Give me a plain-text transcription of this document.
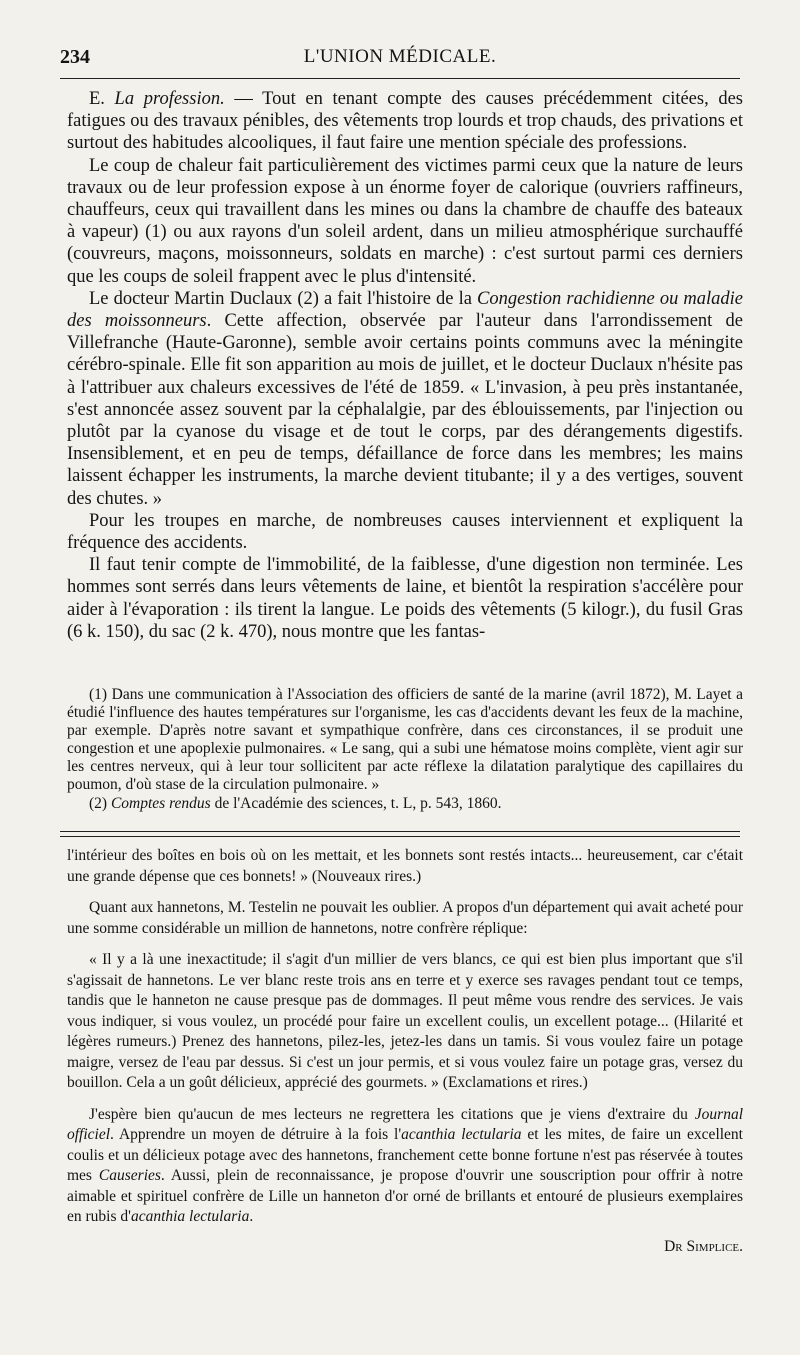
234	L'UNION MÉDICALE.

E. La profession. — Tout en tenant compte des causes précédemment citées, des fatigues ou des travaux pénibles, des vêtements trop lourds et trop chauds, des privations et surtout des habitudes alcooliques, il faut faire une mention spéciale des professions.

Le coup de chaleur fait particulièrement des victimes parmi ceux que la nature de leurs travaux ou de leur profession expose à un énorme foyer de calorique (ouvriers raffineurs, chauffeurs, ceux qui travaillent dans les mines ou dans la chambre de chauffe des bateaux à vapeur) (1) ou aux rayons d'un soleil ardent, dans un milieu atmosphérique surchauffé (couvreurs, maçons, moissonneurs, soldats en marche) : c'est surtout parmi ces derniers que les coups de soleil frappent avec le plus d'intensité.

Le docteur Martin Duclaux (2) a fait l'histoire de la Congestion rachidienne ou maladie des moissonneurs. Cette affection, observée par l'auteur dans l'arrondissement de Villefranche (Haute-Garonne), semble avoir certains points communs avec la méningite cérébro-spinale. Elle fit son apparition au mois de juillet, et le docteur Duclaux n'hésite pas à l'attribuer aux chaleurs excessives de l'été de 1859. « L'invasion, à peu près instantanée, s'est annoncée assez souvent par la céphalalgie, par des éblouissements, par l'injection ou plutôt par la cyanose du visage et de tout le corps, par des dérangements digestifs. Insensiblement, et en peu de temps, défaillance de force dans les membres; les mains laissent échapper les instruments, la marche devient titubante; il y a des vertiges, souvent des chutes. »

Pour les troupes en marche, de nombreuses causes interviennent et expliquent la fréquence des accidents.

Il faut tenir compte de l'immobilité, de la faiblesse, d'une digestion non terminée. Les hommes sont serrés dans leurs vêtements de laine, et bientôt la respiration s'accélère pour aider à l'évaporation : ils tirent la langue. Le poids des vêtements (5 kilogr.), du fusil Gras (6 k. 150), du sac (2 k. 470), nous montre que les fantas-

(1) Dans une communication à l'Association des officiers de santé de la marine (avril 1872), M. Layet a étudié l'influence des hautes températures sur l'organisme, les cas d'accidents devant les feux de la machine, par exemple. D'après notre savant et sympathique confrère, dans ces circonstances, il se produit une congestion et une apoplexie pulmonaires. « Le sang, qui a subi une hématose moins complète, vient agir sur les centres nerveux, qui à leur tour sollicitent par acte réflexe la dilatation paralytique des capillaires du poumon, d'où stase de la circulation pulmonaire. »

(2) Comptes rendus de l'Académie des sciences, t. L, p. 543, 1860.

l'intérieur des boîtes en bois où on les mettait, et les bonnets sont restés intacts... heureusement, car c'était une grande dépense que ces bonnets! » (Nouveaux rires.)

Quant aux hannetons, M. Testelin ne pouvait les oublier. A propos d'un département qui avait acheté pour une somme considérable un million de hannetons, notre confrère réplique:

« Il y a là une inexactitude; il s'agit d'un millier de vers blancs, ce qui est bien plus important que s'il s'agissait de hannetons. Le ver blanc reste trois ans en terre et y exerce ses ravages pendant tout ce temps, tandis que le hanneton ne cause presque pas de dommages. Il peut même vous rendre des services. Je vais vous indiquer, si vous voulez, un procédé pour faire un excellent coulis, un excellent potage... (Hilarité et légères rumeurs.) Prenez des hannetons, pilez-les, jetez-les dans un tamis. Si vous voulez faire un potage maigre, versez de l'eau par dessus. Si c'est un jour permis, et si vous voulez faire un potage gras, versez du bouillon. Cela a un goût délicieux, apprécié des gourmets. » (Exclamations et rires.)

J'espère bien qu'aucun de mes lecteurs ne regrettera les citations que je viens d'extraire du Journal officiel. Apprendre un moyen de détruire à la fois l'acanthia lectularia et les mites, de faire un excellent coulis et un délicieux potage avec des hannetons, franchement cette bonne fortune n'est pas réservée à toutes mes Causeries. Aussi, plein de reconnaissance, je propose d'ouvrir une souscription pour offrir à notre aimable et spirituel confrère de Lille un hanneton d'or orné de brillants et entouré de plusieurs exemplaires en rubis d'acanthia lectularia.

Dr Simplice.
